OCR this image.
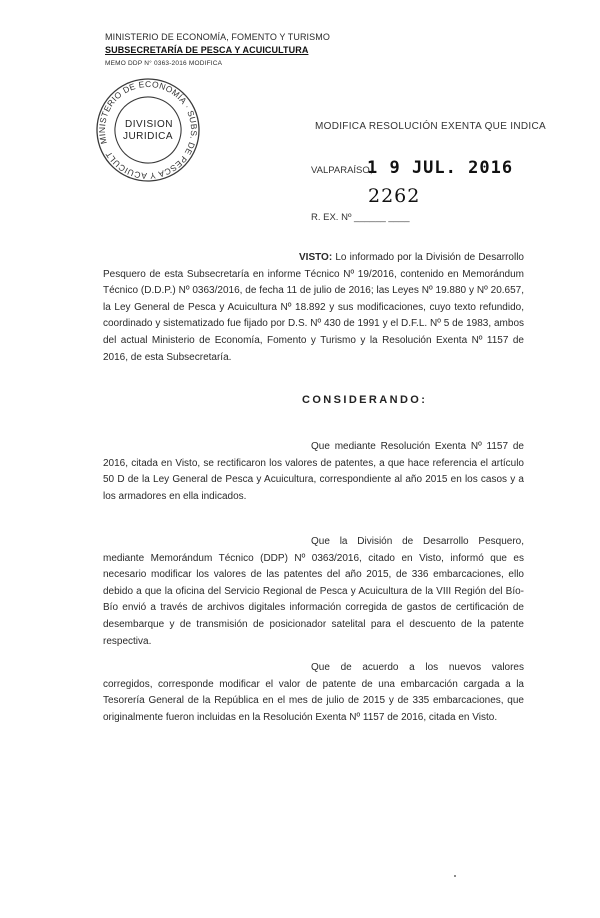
MINISTERIO DE ECONOMÍA, FOMENTO Y TURISMO
SUBSECRETARÍA DE PESCA Y ACUICULTURA
MEMO DDP N° 0363-2016 MODIFICA
MINISTERIO DE ECONOMÍA · SUBS. DE PESCA Y ACUICULTURA
DIVISION
JURIDICA
MODIFICA RESOLUCIÓN EXENTA QUE INDICA
VALPARAÍSO,
1 9 JUL. 2016
2262
R. EX. Nº ______ ____
VISTO: Lo informado por la División de Desarrollo Pesquero de esta Subsecretaría en informe Técnico Nº 19/2016, contenido en Memorándum Técnico (D.D.P.) Nº 0363/2016, de fecha 11 de julio de 2016; las Leyes Nº 19.880 y Nº 20.657, la Ley General de Pesca y Acuicultura Nº 18.892 y sus modificaciones, cuyo texto refundido, coordinado y sistematizado fue fijado por D.S. Nº 430 de 1991 y el D.F.L. Nº 5 de 1983, ambos del actual Ministerio de Economía, Fomento y Turismo y la Resolución Exenta Nº 1157 de 2016, de esta Subsecretaría.
CONSIDERANDO:
Que mediante Resolución Exenta Nº 1157 de 2016, citada en Visto, se rectificaron los valores de patentes, a que hace referencia el artículo 50 D de la Ley General de Pesca y Acuicultura, correspondiente al año 2015 en los casos y a los armadores en ella indicados.
Que la División de Desarrollo Pesquero, mediante Memorándum Técnico (DDP) Nº 0363/2016, citado en Visto, informó que es necesario modificar los valores de las patentes del año 2015, de 336 embarcaciones, ello debido a que la oficina del Servicio Regional de Pesca y Acuicultura de la VIII Región del Bío-Bío envió a través de archivos digitales información corregida de gastos de certificación de desembarque y de transmisión de posicionador satelital para el descuento de la patente respectiva.
Que de acuerdo a los nuevos valores corregidos, corresponde modificar el valor de patente de una embarcación cargada a la Tesorería General de la República en el mes de julio de 2015 y de 335 embarcaciones, que originalmente fueron incluidas en la Resolución Exenta Nº 1157 de 2016, citada en Visto.
